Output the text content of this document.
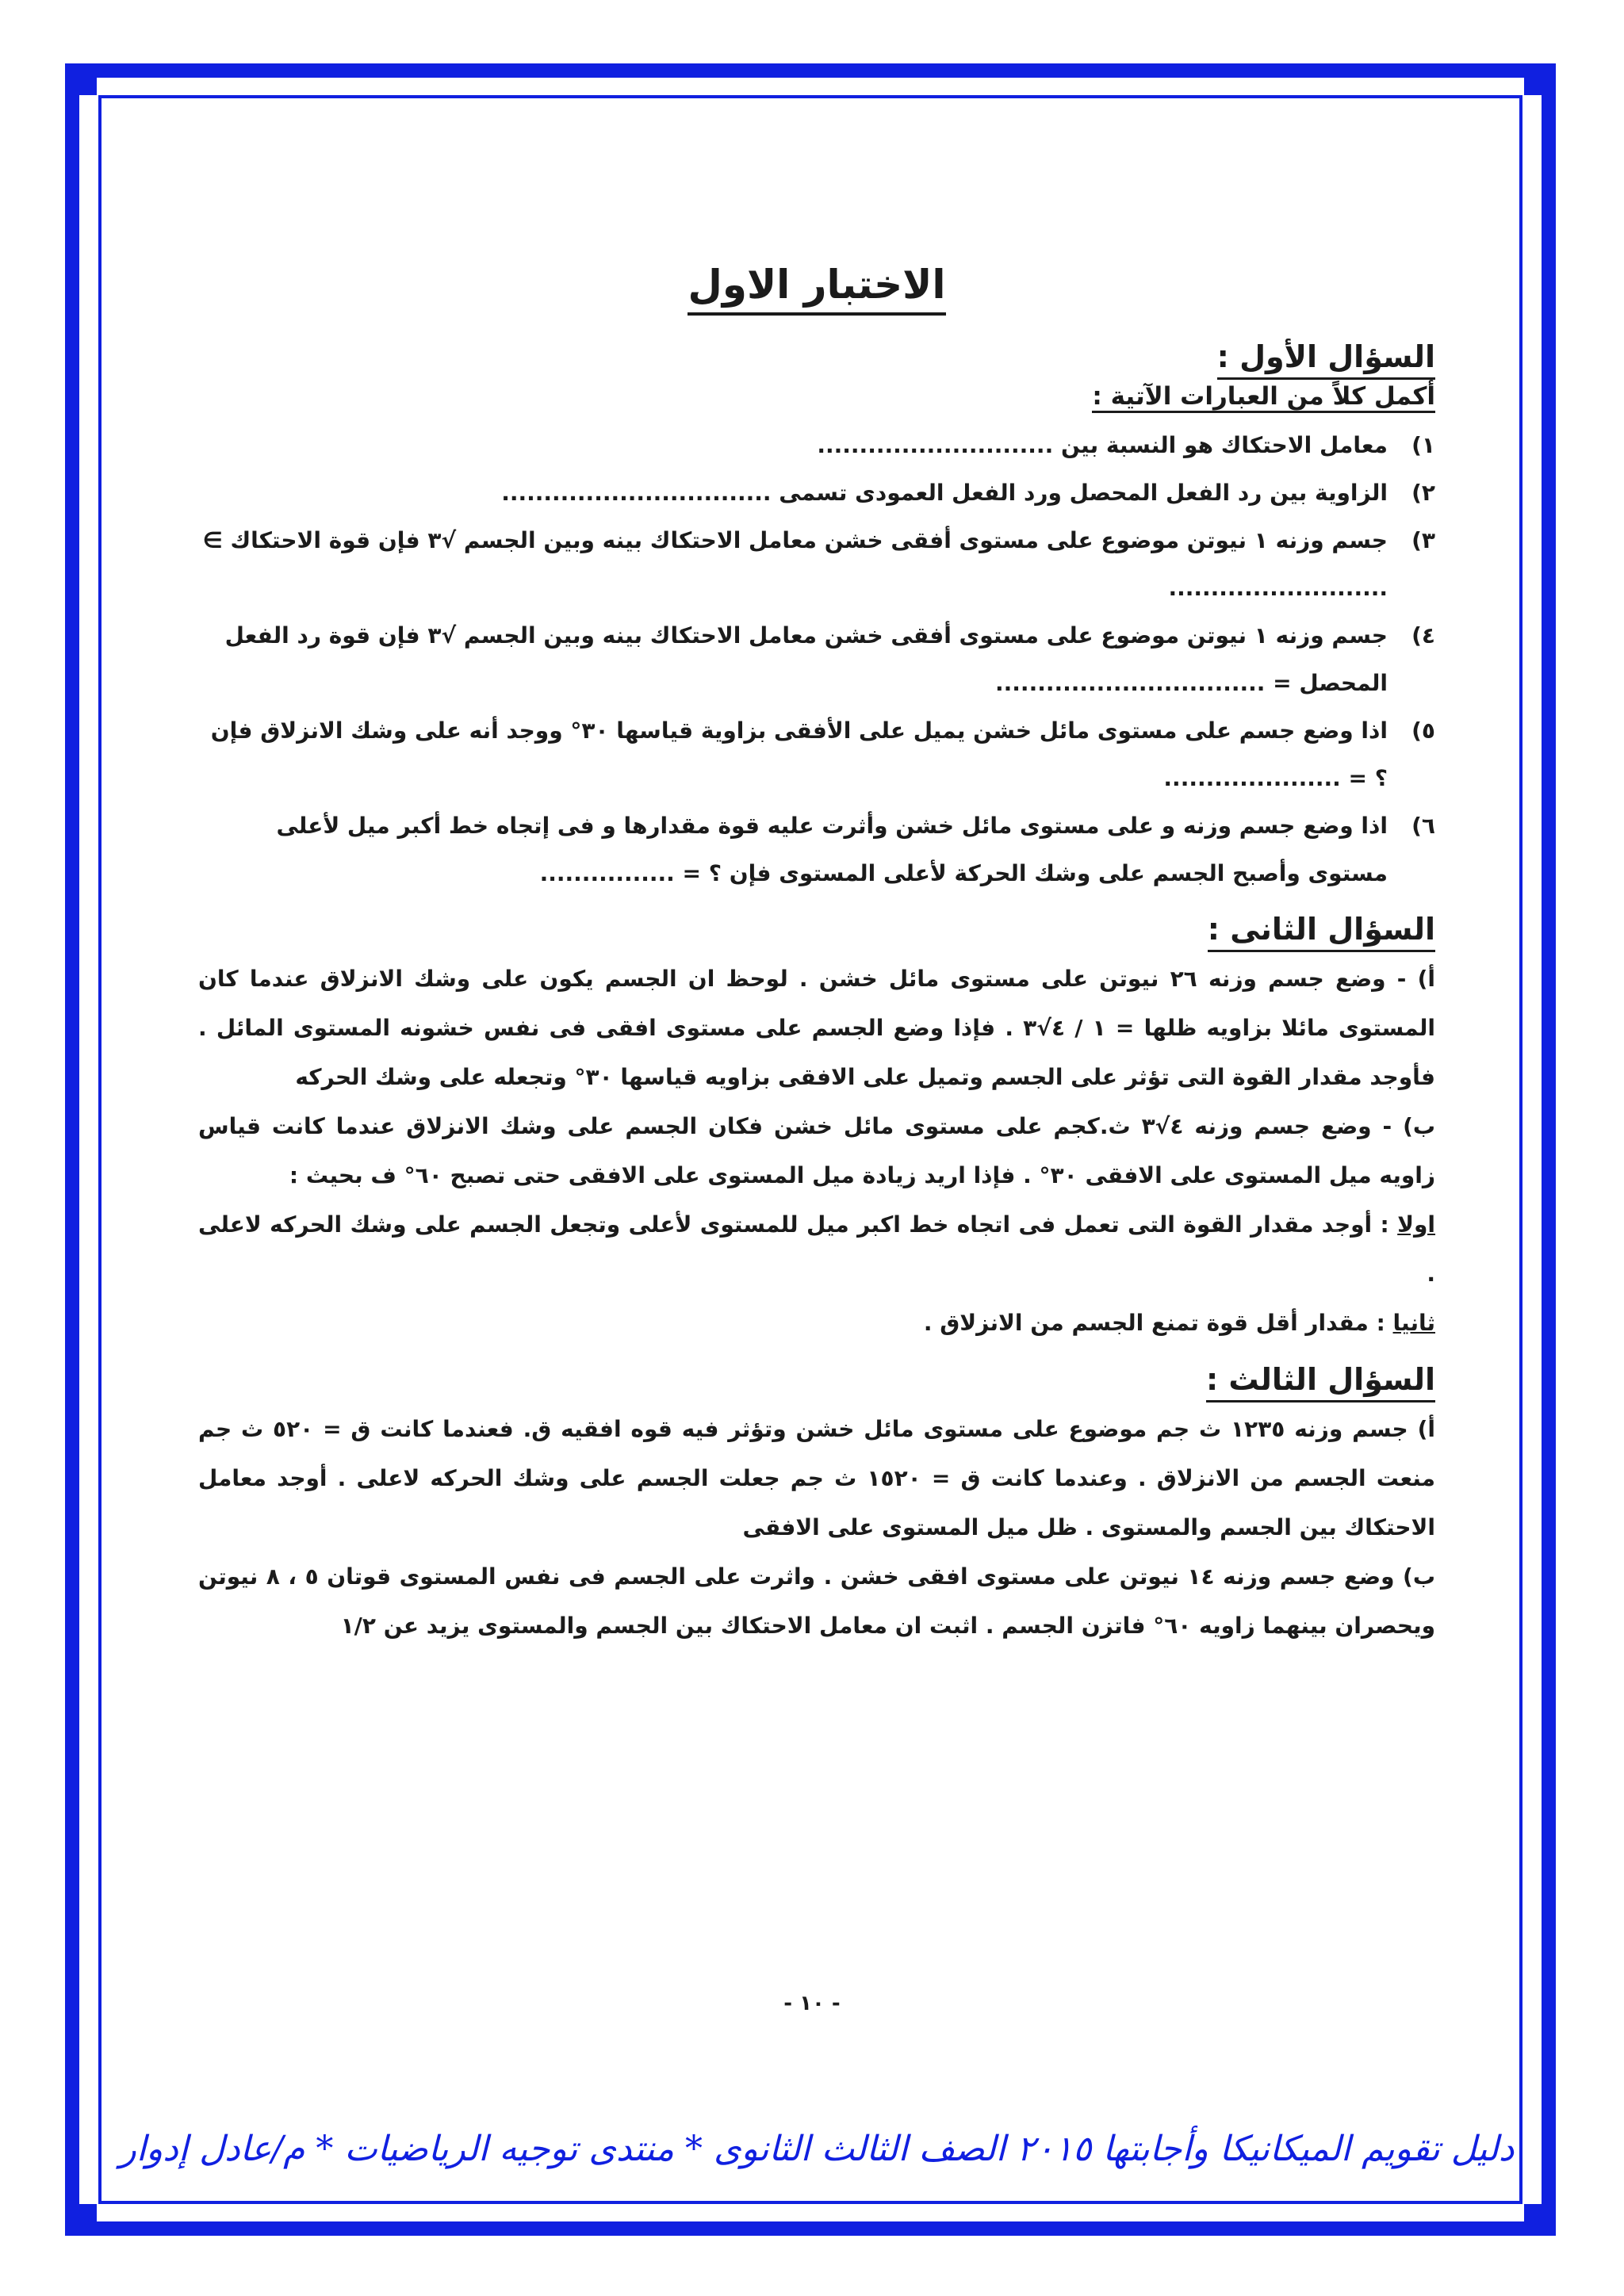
الاختبار الاول
السؤال الأول :
أكمل كلاً من العبارات الآتية :

١)
معامل الاحتكاك هو النسبة بين ............................

٢)
الزاوية بين رد الفعل المحصل ورد الفعل العمودى تسمى ................................

٣)
جسم وزنه ١ نيوتن موضوع على مستوى أفقى خشن معامل الاحتكاك بينه وبين الجسم √٣ فإن قوة الاحتكاك ∋ ..........................

٤)
جسم وزنه ١ نيوتن موضوع على مستوى أفقى خشن معامل الاحتكاك بينه وبين الجسم √٣ فإن قوة رد الفعل المحصل = ................................

٥)
اذا وضع جسم على مستوى مائل خشن يميل على الأفقى بزاوية قياسها ٣٠° ووجد أنه على وشك الانزلاق فإن ؟ = .....................

٦)
اذا وضع جسم وزنه و على مستوى مائل خشن وأثرت عليه قوة مقدارها و فى إتجاه خط أكبر ميل لأعلى مستوى وأصبح الجسم على وشك الحركة لأعلى المستوى فإن ؟ = ................

السؤال الثانى :

أ) - وضع جسم وزنه ٢٦ نيوتن على مستوى مائل خشن . لوحظ ان الجسم يكون على وشك الانزلاق عندما كان المستوى مائلا بزاويه ظلها = ١ / ٤√٣ . فإذا وضع الجسم على مستوى افقى فى نفس خشونه المستوى المائل . فأوجد مقدار القوة التى تؤثر على الجسم وتميل على الافقى بزاويه قياسها ٣٠° وتجعله على وشك الحركه

ب) - وضع جسم وزنه ٤√٣ ث.كجم على مستوى مائل خشن فكان الجسم على وشك الانزلاق عندما كانت قياس زاويه ميل المستوى على الافقى ٣٠° . فإذا اريد زيادة ميل المستوى على الافقى حتى تصبح ٦٠° ف بحيث :

اولا : أوجد مقدار القوة التى تعمل فى اتجاه خط اكبر ميل للمستوى لأعلى وتجعل الجسم على وشك الحركه لاعلى .

ثانيا : مقدار أقل قوة تمنع الجسم من الانزلاق .

السؤال الثالث :

أ) جسم وزنه ١٢٣٥ ث جم موضوع على مستوى مائل خشن وتؤثر فيه قوه افقيه ق. فعندما كانت ق = ٥٢٠ ث جم منعت الجسم من الانزلاق . وعندما كانت ق = ١٥٢٠ ث جم جعلت الجسم على وشك الحركه لاعلى . أوجد معامل الاحتكاك بين الجسم والمستوى . ظل ميل المستوى على الافقى

ب) وضع جسم وزنه ١٤ نيوتن على مستوى افقى خشن . واثرت على الجسم فى نفس المستوى قوتان ٥ ، ٨ نيوتن ويحصران بينهما زاويه ٦٠° فاتزن الجسم . اثبت ان معامل الاحتكاك بين الجسم والمستوى يزيد عن ١/٢

- ١٠ -
دليل تقويم الميكانيكا وأجابتها ٢٠١٥ الصف الثالث الثانوى * منتدى توجيه الرياضيات * م/عادل إدوار
